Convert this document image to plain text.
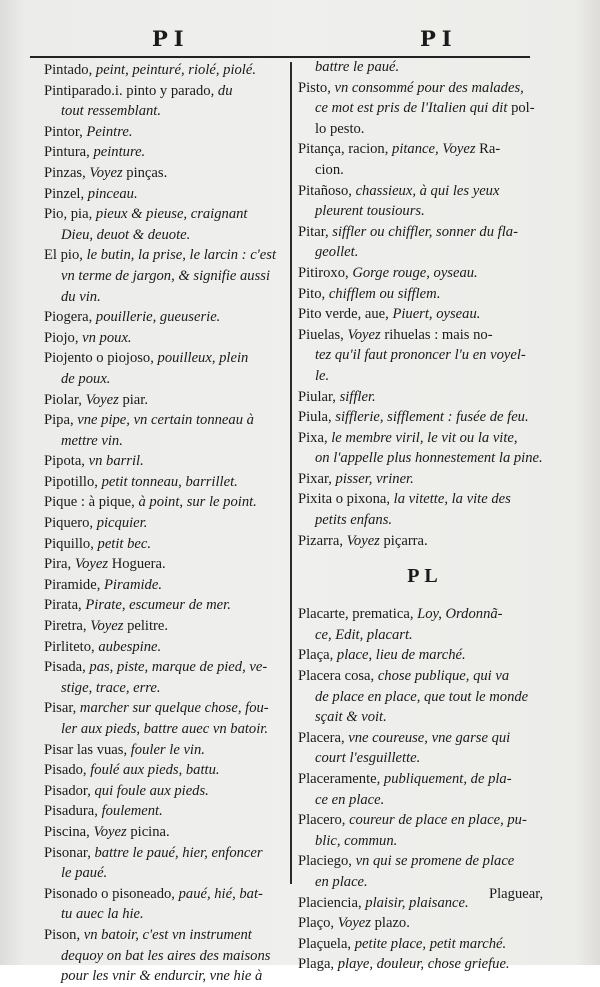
PI	PI
Pintado, peint, peinturé, riolé, piolé.
Pintiparado.i. pinto y parado, du
tout ressemblant.
Pintor, Peintre.
Pintura, peinture.
Pinzas, Voyez pinças.
Pinzel, pinceau.
Pio, pia, pieux & pieuse, craignant
Dieu, deuot & deuote.
El pio, le butin, la prise, le larcin : c'est
vn terme de jargon, & signifie aussi
du vin.
Piogera, pouillerie, gueuserie.
Piojo, vn poux.
Piojento o piojoso, pouilleux, plein
de poux.
Piolar, Voyez piar.
Pipa, vne pipe, vn certain tonneau à
mettre vin.
Pipota, vn barril.
Pipotillo, petit tonneau, barrillet.
Pique : à pique, à point, sur le point.
Piquero, picquier.
Piquillo, petit bec.
Pira, Voyez Hoguera.
Piramide, Piramide.
Pirata, Pirate, escumeur de mer.
Piretra, Voyez pelitre.
Pirliteto, aubespine.
Pisada, pas, piste, marque de pied, ve-
stige, trace, erre.
Pisar, marcher sur quelque chose, fou-
ler aux pieds, battre auec vn batoir.
Pisar las vuas, fouler le vin.
Pisado, foulé aux pieds, battu.
Pisador, qui foule aux pieds.
Pisadura, foulement.
Piscina, Voyez picina.
Pisonar, battre le paué, hier, enfoncer
le paué.
Pisonado o pisoneado, paué, hié, bat-
tu auec la hie.
Pison, vn batoir, c'est vn instrument
dequoy on bat les aires des maisons
pour les vnir & endurcir, vne hie à
battre le paué.
Pisto, vn consommé pour des malades,
ce mot est pris de l'Italien qui dit pol-
lo pesto.
Pitança, racion, pitance, Voyez Ra-
cion.
Pitañoso, chassieux, à qui les yeux
pleurent tousiours.
Pitar, siffler ou chiffler, sonner du fla-
geollet.
Pitiroxo, Gorge rouge, oyseau.
Pito, chiffleт ou siffleт.
Pito verde, aue, Piuert, oyseau.
Piuelas, Voyez rihuelas : mais no-
tez qu'il faut prononcer l'u en voyel-
le.
Piular, siffler.
Piula, sifflerie, sifflement : fusée de feu.
Pixa, le membre viril, le vit ou la vite,
on l'appelle plus honnestement la pine.
Pixar, pisser, vriner.
Pixita o pixona, la vitette, la vite des
petits enfans.
Pizarra, Voyez piçarra.
PL
Placarte, prematica, Loy, Ordonnã-
ce, Edit, placart.
Plaça, place, lieu de marché.
Placera cosa, chose publique, qui va
de place en place, que tout le monde
sçait & voit.
Placera, vne coureuse, vne garse qui
court l'esguillette.
Placeramente, publiquement, de pla-
ce en place.
Placero, coureur de place en place, pu-
blic, commun.
Placiego, vn qui se promene de place
en place.
Placiencia, plaisir, plaisance.
Plaço, Voyez plazo.
Plaçuela, petite place, petit marché.
Plaga, playe, douleur, chose griefue.
Plaguear,
